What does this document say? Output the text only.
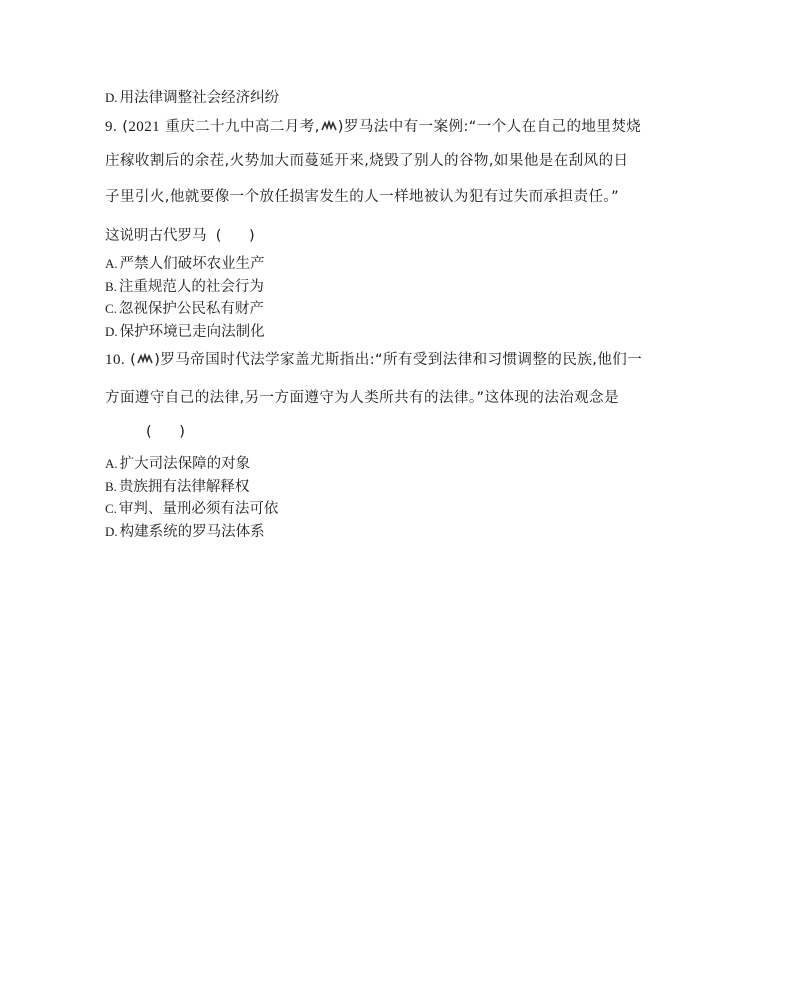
D. 用法律调整社会经济纠纷
9. (2021 重庆二十九中高二月考, )罗马法中有一案例:“一个人在自己的地里焚烧
庄稼收割后的余茬,火势加大而蔓延开来,烧毁了别人的谷物,如果他是在刮风的日
子里引火,他就要像一个放任损害发生的人一样地被认为犯有过失而承担责任。”
这说明古代罗马 (      )
A. 严禁人们破坏农业生产
B. 注重规范人的社会行为
C. 忽视保护公民私有财产
D. 保护环境已走向法制化
10. ( )罗马帝国时代法学家盖尤斯指出:“所有受到法律和习惯调整的民族,他们一
方面遵守自己的法律,另一方面遵守为人类所共有的法律。”这体现的法治观念是
(      )
A. 扩大司法保障的对象
B. 贵族拥有法律解释权
C. 审判、量刑必须有法可依
D. 构建系统的罗马法体系
